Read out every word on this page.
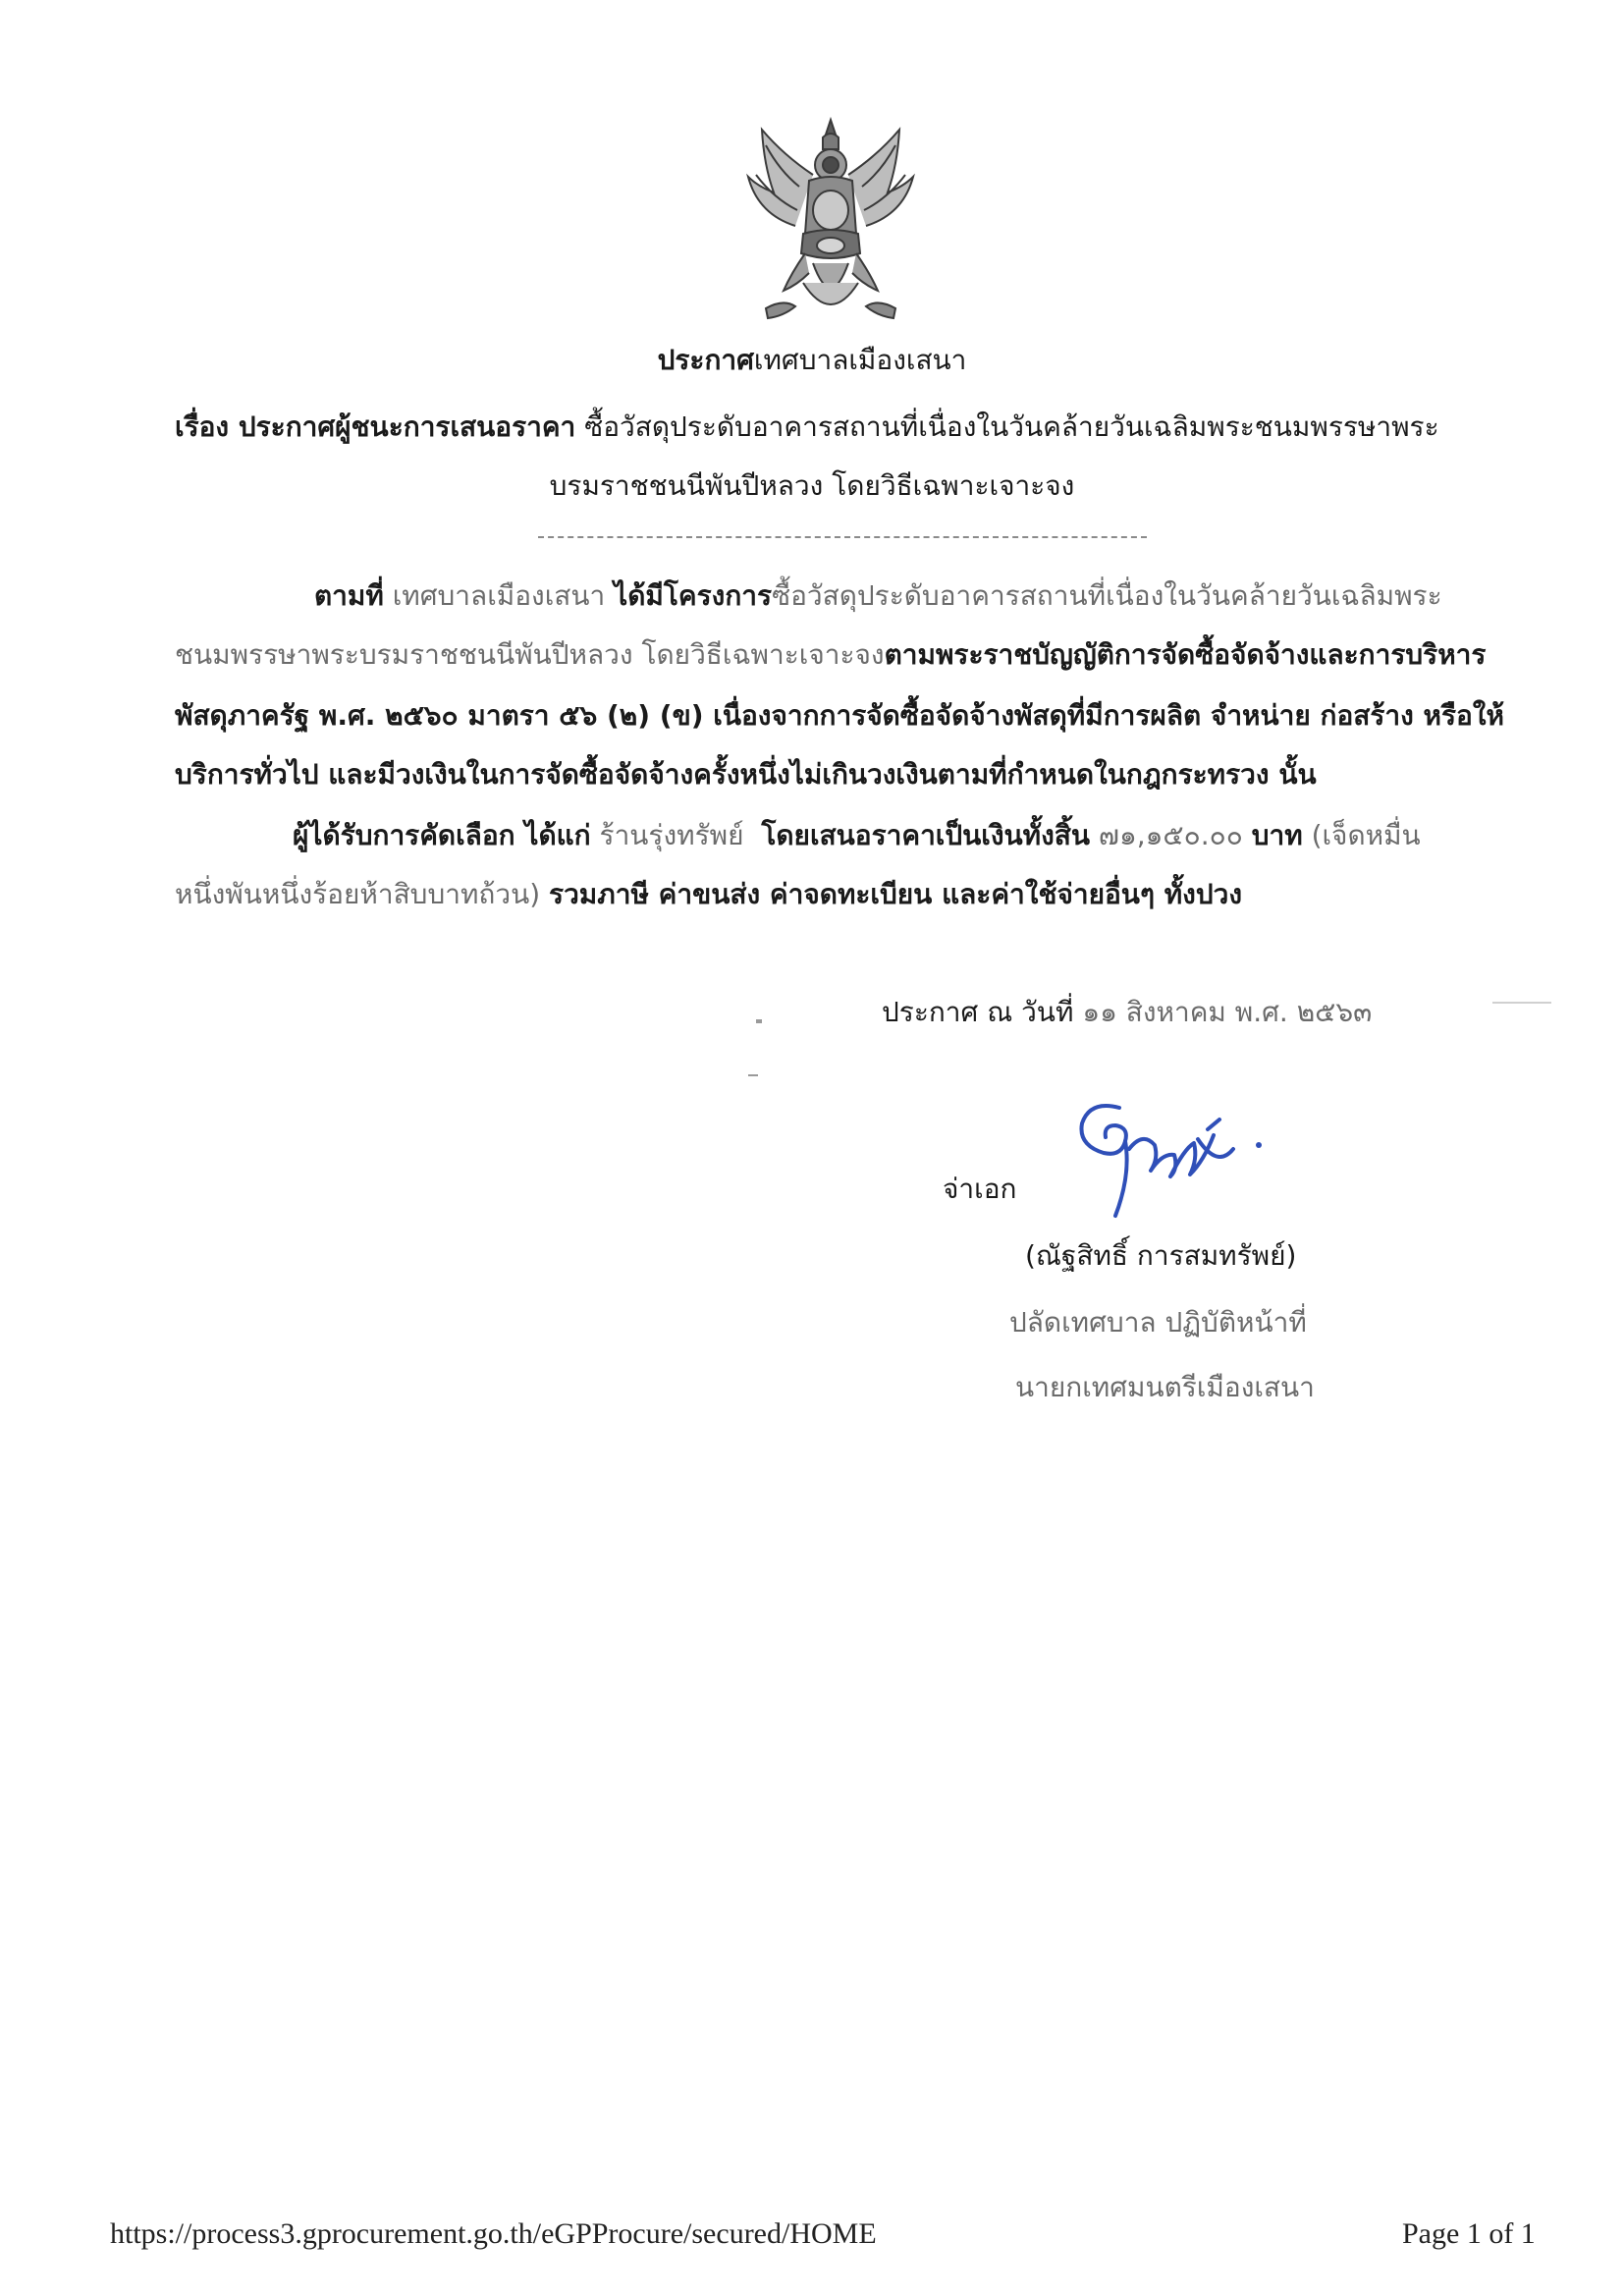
ประกาศเทศบาลเมืองเสนา
เรื่อง ประกาศผู้ชนะการเสนอราคา ซื้อวัสดุประดับอาคารสถานที่เนื่องในวันคล้ายวันเฉลิมพระชนมพรรษาพระ
บรมราชชนนีพันปีหลวง โดยวิธีเฉพาะเจาะจง
ตามที่ เทศบาลเมืองเสนา ได้มีโครงการซื้อวัสดุประดับอาคารสถานที่เนื่องในวันคล้ายวันเฉลิมพระ
ชนมพรรษาพระบรมราชชนนีพันปีหลวง โดยวิธีเฉพาะเจาะจงตามพระราชบัญญัติการจัดซื้อจัดจ้างและการบริหาร
พัสดุภาครัฐ พ.ศ. ๒๕๖๐ มาตรา ๕๖ (๒) (ข) เนื่องจากการจัดซื้อจัดจ้างพัสดุที่มีการผลิต จำหน่าย ก่อสร้าง หรือให้
บริการทั่วไป และมีวงเงินในการจัดซื้อจัดจ้างครั้งหนึ่งไม่เกินวงเงินตามที่กำหนดในกฎกระทรวง นั้น
ผู้ได้รับการคัดเลือก ได้แก่ ร้านรุ่งทรัพย์ โดยเสนอราคาเป็นเงินทั้งสิ้น ๗๑,๑๕๐.๐๐ บาท (เจ็ดหมื่น
หนึ่งพันหนึ่งร้อยห้าสิบบาทถ้วน) รวมภาษี ค่าขนส่ง ค่าจดทะเบียน และค่าใช้จ่ายอื่นๆ ทั้งปวง
ประกาศ ณ วันที่ ๑๑ สิงหาคม พ.ศ. ๒๕๖๓
จ่าเอก
(ณัฐสิทธิ์ การสมทรัพย์)
ปลัดเทศบาล ปฏิบัติหน้าที่
นายกเทศมนตรีเมืองเสนา
https://process3.gprocurement.go.th/eGPProcure/secured/HOME	Page 1 of 1
